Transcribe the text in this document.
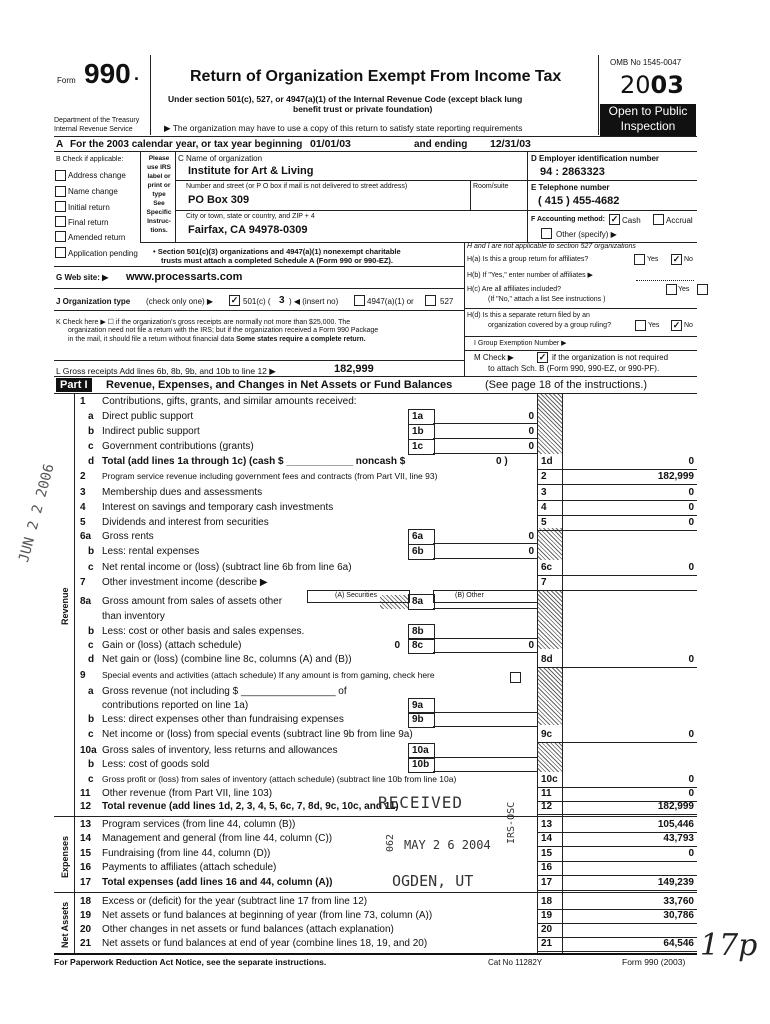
Form 990 .
Department of the Treasury
Internal Revenue Service
Return of Organization Exempt From Income Tax
Under section 501(c), 527, or 4947(a)(1) of the Internal Revenue Code (except black lung
benefit trust or private foundation)
▶ The organization may have to use a copy of this return to satisfy state reporting requirements
OMB No 1545-0047
2003
Open to Public
Inspection
A For the 2003 calendar year, or tax year beginning 01/01/03	and ending 12/31/03
B Check if applicable:
Address change
Name change
Initial return
Final return
Amended return
Application pending
Please
use IRS
label or
print or
type
See
Specific
Instruc-
tions.
C Name of organization
Institute for Art & Living
Number and street (or P O box if mail is not delivered to street address)	Room/suite
PO Box 309
City or town, state or country, and ZIP + 4
Fairfax, CA 94978-0309
D Employer identification number
94 : 2863323
E Telephone number
( 415 ) 455-4682
F Accounting method: ✓ Cash	Accrual
Other (specify) ▶
• Section 501(c)(3) organizations and 4947(a)(1) nonexempt charitable
trusts must attach a completed Schedule A (Form 990 or 990-EZ).
G Web site: ▶ www.processarts.com
J Organization type (check only one) ▶ ✓ 501(c) ( 3 ) ◀ (insert no)	4947(a)(1) or	527
K Check here ▶ ☐ if the organization's gross receipts are normally not more than $25,000. The
organization need not file a return with the IRS; but if the organization received a Form 990 Package
in the mail, it should file a return without financial data Some states require a complete return.
L Gross receipts Add lines 6b, 8b, 9b, and 10b to line 12 ▶	182,999
H and I are not applicable to section 527 organizations
H(a) Is this a group return for affiliates?	Yes ✓ No
H(b) If "Yes," enter number of affiliates ▶
H(c) Are all affiliates included?	Yes
(If "No," attach a list See instructions )
H(d) Is this a separate return filed by an
organization covered by a group ruling?	Yes ✓ No
I Group Exemption Number ▶
M Check ▶	✓ if the organization is not required
to attach Sch. B (Form 990, 990-EZ, or 990-PF).
Part I	Revenue, Expenses, and Changes in Net Assets or Fund Balances	(See page 18 of the instructions.)
Revenue
Expenses
Net Assets
1 Contributions, gifts, grants, and similar amounts received:
a Direct public support	1a	0
b Indirect public support	1b	0
c Government contributions (grants)	1c	0
d Total (add lines 1a through 1c) (cash $ ____________ noncash $	1d	0
0 )
2 Program service revenue including government fees and contracts (from Part VII, line 93)	2	182,999
3 Membership dues and assessments	3	0
4 Interest on savings and temporary cash investments	4	0
5 Dividends and interest from securities	5	0
6a Gross rents	6a	0
b Less: rental expenses	6b	0
c Net rental income or (loss) (subtract line 6b from line 6a)	6c	0
7 Other investment income (describe ▶	7
8a Gross amount from sales of assets other	8a
than inventory
b Less: cost or other basis and sales expenses.	8b
c Gain or (loss) (attach schedule)	8c	0
0
d Net gain or (loss) (combine line 8c, columns (A) and (B))	8d	0
9 Special events and activities (attach schedule) If any amount is from gaming, check here
a Gross revenue (not including $ _________________ of
contributions reported on line 1a)	9a
b Less: direct expenses other than fundraising expenses	9b
c Net income or (loss) from special events (subtract line 9b from line 9a)	9c	0
10a Gross sales of inventory, less returns and allowances	10a
b Less: cost of goods sold	10b
c Gross profit or (loss) from sales of inventory (attach schedule) (subtract line 10b from line 10a)	10c	0
11 Other revenue (from Part VII, line 103)	11	0
12 Total revenue (add lines 1d, 2, 3, 4, 5, 6c, 7, 8d, 9c, 10c, and 11)	12	182,999
13 Program services (from line 44, column (B))	13	105,446
14 Management and general (from line 44, column (C))	14	43,793
15 Fundraising (from line 44, column (D))	15	0
16 Payments to affiliates (attach schedule)	16
17 Total expenses (add lines 16 and 44, column (A))	17	149,239
18 Excess or (deficit) for the year (subtract line 17 from line 12)	18	33,760
19 Net assets or fund balances at beginning of year (from line 73, column (A))	19	30,786
20 Other changes in net assets or fund balances (attach explanation)	20
21 Net assets or fund balances at end of year (combine lines 18, 19, and 20)	21	64,546
(A) Securities	(B) Other
RECEIVED
MAY 2 6 2004
OGDEN, UT
062	IRS-OSC
For Paperwork Reduction Act Notice, see the separate instructions.	Cat No 11282Y	Form 990 (2003)
JUN 2 2 2006
17p
